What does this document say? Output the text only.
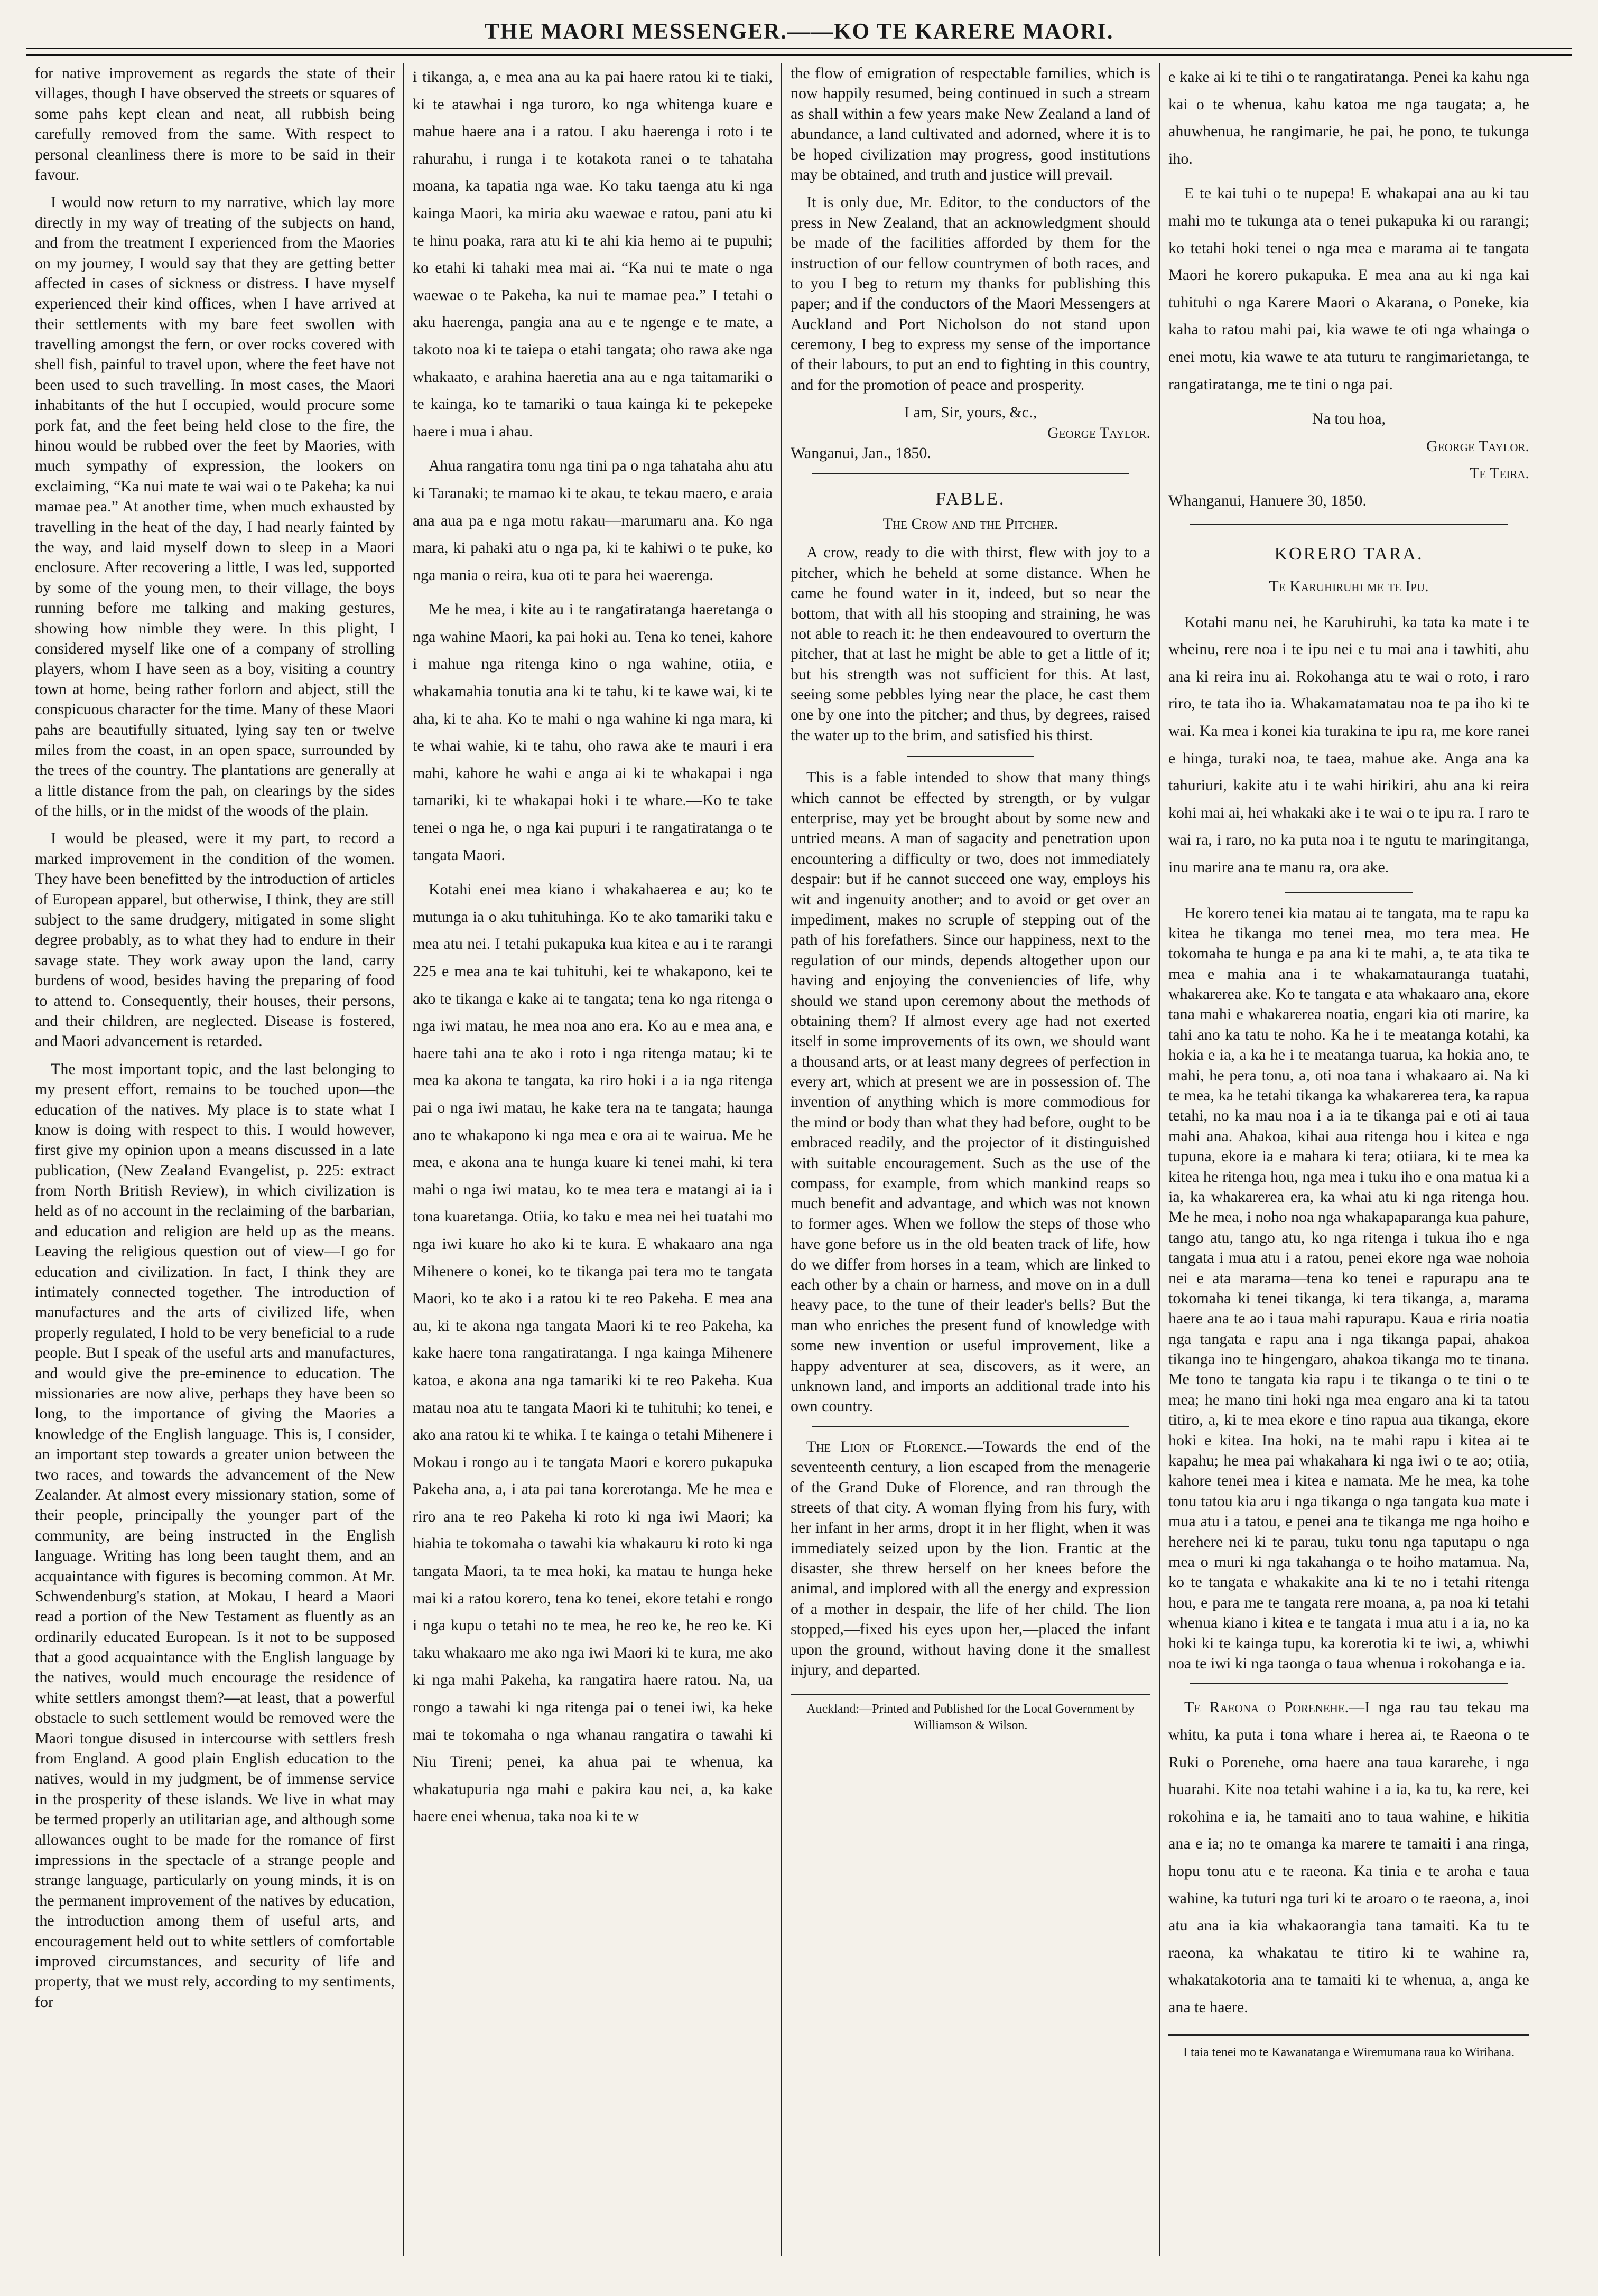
THE MAORI MESSENGER.——KO TE KARERE MAORI.

for native improvement as regards the state of their villages, though I have observed the streets or squares of some pahs kept clean and neat, all rubbish being carefully removed from the same. With respect to personal cleanliness there is more to be said in their favour.

I would now return to my narrative, which lay more directly in my way of treating of the subjects on hand, and from the treatment I experienced from the Maories on my journey, I would say that they are getting better affected in cases of sickness or distress. I have myself experienced their kind offices, when I have arrived at their settlements with my bare feet swollen with travelling amongst the fern, or over rocks covered with shell fish, painful to travel upon, where the feet have not been used to such travelling. In most cases, the Maori inhabitants of the hut I occupied, would procure some pork fat, and the feet being held close to the fire, the hinou would be rubbed over the feet by Maories, with much sympathy of expression, the lookers on exclaiming, “Ka nui mate te wai wai o te Pakeha; ka nui mamae pea.” At another time, when much exhausted by travelling in the heat of the day, I had nearly fainted by the way, and laid myself down to sleep in a Maori enclosure. After recovering a little, I was led, supported by some of the young men, to their village, the boys running before me talking and making gestures, showing how nimble they were. In this plight, I considered myself like one of a company of strolling players, whom I have seen as a boy, visiting a country town at home, being rather forlorn and abject, still the conspicuous character for the time. Many of these Maori pahs are beautifully situated, lying say ten or twelve miles from the coast, in an open space, surrounded by the trees of the country. The plantations are generally at a little distance from the pah, on clearings by the sides of the hills, or in the midst of the woods of the plain.

I would be pleased, were it my part, to record a marked improvement in the condition of the women. They have been benefitted by the introduction of articles of European apparel, but otherwise, I think, they are still subject to the same drudgery, mitigated in some slight degree probably, as to what they had to endure in their savage state. They work away upon the land, carry burdens of wood, besides having the preparing of food to attend to. Consequently, their houses, their persons, and their children, are neglected. Disease is fostered, and Maori advancement is retarded.

The most important topic, and the last belonging to my present effort, remains to be touched upon—the education of the natives. My place is to state what I know is doing with respect to this. I would however, first give my opinion upon a means discussed in a late publication, (New Zealand Evangelist, p. 225: extract from North British Review), in which civilization is held as of no account in the reclaiming of the barbarian, and education and religion are held up as the means. Leaving the religious question out of view—I go for education and civilization. In fact, I think they are intimately connected together. The introduction of manufactures and the arts of civilized life, when properly regulated, I hold to be very beneficial to a rude people. But I speak of the useful arts and manufactures, and would give the pre-eminence to education. The missionaries are now alive, perhaps they have been so long, to the importance of giving the Maories a knowledge of the English language. This is, I consider, an important step towards a greater union between the two races, and towards the advancement of the New Zealander. At almost every missionary station, some of their people, principally the younger part of the community, are being instructed in the English language. Writing has long been taught them, and an acquaintance with figures is becoming common. At Mr. Schwendenburg's station, at Mokau, I heard a Maori read a portion of the New Testament as fluently as an ordinarily educated European. Is it not to be supposed that a good acquaintance with the English language by the natives, would much encourage the residence of white settlers amongst them?—at least, that a powerful obstacle to such settlement would be removed were the Maori tongue disused in intercourse with settlers fresh from England. A good plain English education to the natives, would in my judgment, be of immense service in the prosperity of these islands. We live in what may be termed properly an utilitarian age, and although some allowances ought to be made for the romance of first impressions in the spectacle of a strange people and strange language, particularly on young minds, it is on the permanent improvement of the natives by education, the introduction among them of useful arts, and encouragement held out to white settlers of comfortable improved circumstances, and security of life and property, that we must rely, according to my sentiments, for

i tikanga, a, e mea ana au ka pai haere ratou ki te tiaki, ki te atawhai i nga turoro, ko nga whitenga kuare e mahue haere ana i a ratou. I aku haerenga i roto i te rahurahu, i runga i te kotakota ranei o te tahataha moana, ka tapatia nga wae. Ko taku taenga atu ki nga kainga Maori, ka miria aku waewae e ratou, pani atu ki te hinu poaka, rara atu ki te ahi kia hemo ai te pupuhi; ko etahi ki tahaki mea mai ai. “Ka nui te mate o nga waewae o te Pakeha, ka nui te mamae pea.” I tetahi o aku haerenga, pangia ana au e te ngenge e te mate, a takoto noa ki te taiepa o etahi tangata; oho rawa ake nga whakaato, e arahina haeretia ana au e nga taitamariki o te kainga, ko te tamariki o taua kainga ki te pekepeke haere i mua i ahau.

Ahua rangatira tonu nga tini pa o nga tahataha ahu atu ki Taranaki; te mamao ki te akau, te tekau maero, e araia ana aua pa e nga motu rakau—marumaru ana. Ko nga mara, ki pahaki atu o nga pa, ki te kahiwi o te puke, ko nga mania o reira, kua oti te para hei waerenga.

Me he mea, i kite au i te rangatiratanga haeretanga o nga wahine Maori, ka pai hoki au. Tena ko tenei, kahore i mahue nga ritenga kino o nga wahine, otiia, e whakamahia tonutia ana ki te tahu, ki te kawe wai, ki te aha, ki te aha. Ko te mahi o nga wahine ki nga mara, ki te whai wahie, ki te tahu, oho rawa ake te mauri i era mahi, kahore he wahi e anga ai ki te whakapai i nga tamariki, ki te whakapai hoki i te whare.—Ko te take tenei o nga he, o nga kai pupuri i te rangatiratanga o te tangata Maori.

Kotahi enei mea kiano i whakahaerea e au; ko te mutunga ia o aku tuhituhinga. Ko te ako tamariki taku e mea atu nei. I tetahi pukapuka kua kitea e au i te rarangi 225 e mea ana te kai tuhituhi, kei te whakapono, kei te ako te tikanga e kake ai te tangata; tena ko nga ritenga o nga iwi matau, he mea noa ano era. Ko au e mea ana, e haere tahi ana te ako i roto i nga ritenga matau; ki te mea ka akona te tangata, ka riro hoki i a ia nga ritenga pai o nga iwi matau, he kake tera na te tangata; haunga ano te whakapono ki nga mea e ora ai te wairua. Me he mea, e akona ana te hunga kuare ki tenei mahi, ki tera mahi o nga iwi matau, ko te mea tera e matangi ai ia i tona kuaretanga. Otiia, ko taku e mea nei hei tuatahi mo nga iwi kuare ho ako ki te kura. E whakaaro ana nga Mihenere o konei, ko te tikanga pai tera mo te tangata Maori, ko te ako i a ratou ki te reo Pakeha. E mea ana au, ki te akona nga tangata Maori ki te reo Pakeha, ka kake haere tona rangatiratanga. I nga kainga Mihenere katoa, e akona ana nga tamariki ki te reo Pakeha. Kua matau noa atu te tangata Maori ki te tuhituhi; ko tenei, e ako ana ratou ki te whika. I te kainga o tetahi Mihenere i Mokau i rongo au i te tangata Maori e korero pukapuka Pakeha ana, a, i ata pai tana korerotanga. Me he mea e riro ana te reo Pakeha ki roto ki nga iwi Maori; ka hiahia te tokomaha o tawahi kia whakauru ki roto ki nga tangata Maori, ta te mea hoki, ka matau te hunga heke mai ki a ratou korero, tena ko tenei, ekore tetahi e rongo i nga kupu o tetahi no te mea, he reo ke, he reo ke. Ki taku whakaaro me ako nga iwi Maori ki te kura, me ako ki nga mahi Pakeha, ka rangatira haere ratou. Na, ua rongo a tawahi ki nga ritenga pai o tenei iwi, ka heke mai te tokomaha o nga whanau rangatira o tawahi ki Niu Tireni; penei, ka ahua pai te whenua, ka whakatupuria nga mahi e pakira kau nei, a, ka kake haere enei whenua, taka noa ki te w

the flow of emigration of respectable families, which is now happily resumed, being continued in such a stream as shall within a few years make New Zealand a land of abundance, a land cultivated and adorned, where it is to be hoped civilization may progress, good institutions may be obtained, and truth and justice will prevail.

It is only due, Mr. Editor, to the conductors of the press in New Zealand, that an acknowledgment should be made of the facilities afforded by them for the instruction of our fellow countrymen of both races, and to you I beg to return my thanks for publishing this paper; and if the conductors of the Maori Messengers at Auckland and Port Nicholson do not stand upon ceremony, I beg to express my sense of the importance of their labours, to put an end to fighting in this country, and for the promotion of peace and prosperity.

I am, Sir, yours, &c.,
George Taylor.
Wanganui, Jan., 1850.
FABLE.
The Crow and the Pitcher.

A crow, ready to die with thirst, flew with joy to a pitcher, which he beheld at some distance. When he came he found water in it, indeed, but so near the bottom, that with all his stooping and straining, he was not able to reach it: he then endeavoured to overturn the pitcher, that at last he might be able to get a little of it; but his strength was not sufficient for this. At last, seeing some pebbles lying near the place, he cast them one by one into the pitcher; and thus, by degrees, raised the water up to the brim, and satisfied his thirst.

This is a fable intended to show that many things which cannot be effected by strength, or by vulgar enterprise, may yet be brought about by some new and untried means. A man of sagacity and penetration upon encountering a difficulty or two, does not immediately despair: but if he cannot succeed one way, employs his wit and ingenuity another; and to avoid or get over an impediment, makes no scruple of stepping out of the path of his forefathers. Since our happiness, next to the regulation of our minds, depends altogether upon our having and enjoying the conveniencies of life, why should we stand upon ceremony about the methods of obtaining them? If almost every age had not exerted itself in some improvements of its own, we should want a thousand arts, or at least many degrees of perfection in every art, which at present we are in possession of. The invention of anything which is more commodious for the mind or body than what they had before, ought to be embraced readily, and the projector of it distinguished with suitable encouragement. Such as the use of the compass, for example, from which mankind reaps so much benefit and advantage, and which was not known to former ages. When we follow the steps of those who have gone before us in the old beaten track of life, how do we differ from horses in a team, which are linked to each other by a chain or harness, and move on in a dull heavy pace, to the tune of their leader's bells? But the man who enriches the present fund of knowledge with some new invention or useful improvement, like a happy adventurer at sea, discovers, as it were, an unknown land, and imports an additional trade into his own country.

The Lion of Florence.—Towards the end of the seventeenth century, a lion escaped from the menagerie of the Grand Duke of Florence, and ran through the streets of that city. A woman flying from his fury, with her infant in her arms, dropt it in her flight, when it was immediately seized upon by the lion. Frantic at the disaster, she threw herself on her knees before the animal, and implored with all the energy and expression of a mother in despair, the life of her child. The lion stopped,—fixed his eyes upon her,—placed the infant upon the ground, without having done it the smallest injury, and departed.

Auckland:—Printed and Published for the Local Government by Williamson & Wilson.

e kake ai ki te tihi o te rangatiratanga. Penei ka kahu nga kai o te whenua, kahu katoa me nga taugata; a, he ahuwhenua, he rangimarie, he pai, he pono, te tukunga iho.

E te kai tuhi o te nupepa! E whakapai ana au ki tau mahi mo te tukunga ata o tenei pukapuka ki ou rarangi; ko tetahi hoki tenei o nga mea e marama ai te tangata Maori he korero pukapuka. E mea ana au ki nga kai tuhituhi o nga Karere Maori o Akarana, o Poneke, kia kaha to ratou mahi pai, kia wawe te oti nga whainga o enei motu, kia wawe te ata tuturu te rangimarietanga, te rangatiratanga, me te tini o nga pai.

Na tou hoa,
George Taylor.
Te Teira.
Whanganui, Hanuere 30, 1850.
KORERO TARA.
Te Karuhiruhi me te Ipu.

Kotahi manu nei, he Karuhiruhi, ka tata ka mate i te wheinu, rere noa i te ipu nei e tu mai ana i tawhiti, ahu ana ki reira inu ai. Rokohanga atu te wai o roto, i raro riro, te tata iho ia. Whakamatamatau noa te pa iho ki te wai. Ka mea i konei kia turakina te ipu ra, me kore ranei e hinga, turaki noa, te taea, mahue ake. Anga ana ka tahuriuri, kakite atu i te wahi hirikiri, ahu ana ki reira kohi mai ai, hei whakaki ake i te wai o te ipu ra. I raro te wai ra, i raro, no ka puta noa i te ngutu te maringitanga, inu marire ana te manu ra, ora ake.

He korero tenei kia matau ai te tangata, ma te rapu ka kitea he tikanga mo tenei mea, mo tera mea. He tokomaha te hunga e pa ana ki te mahi, a, te ata tika te mea e mahia ana i te whakamatauranga tuatahi, whakarerea ake. Ko te tangata e ata whakaaro ana, ekore tana mahi e whakarerea noatia, engari kia oti marire, ka tahi ano ka tatu te noho. Ka he i te meatanga kotahi, ka hokia e ia, a ka he i te meatanga tuarua, ka hokia ano, te mahi, he pera tonu, a, oti noa tana i whakaaro ai. Na ki te mea, ka he tetahi tikanga ka whakarerea tera, ka rapua tetahi, no ka mau noa i a ia te tikanga pai e oti ai taua mahi ana. Ahakoa, kihai aua ritenga hou i kitea e nga tupuna, ekore ia e mahara ki tera; otiiara, ki te mea ka kitea he ritenga hou, nga mea i tuku iho e ona matua ki a ia, ka whakarerea era, ka whai atu ki nga ritenga hou. Me he mea, i noho noa nga whakapaparanga kua pahure, tango atu, tango atu, ko nga ritenga i tukua iho e nga tangata i mua atu i a ratou, penei ekore nga wae nohoia nei e ata marama—tena ko tenei e rapurapu ana te tokomaha ki tenei tikanga, ki tera tikanga, a, marama haere ana te ao i taua mahi rapurapu. Kaua e riria noatia nga tangata e rapu ana i nga tikanga papai, ahakoa tikanga ino te hingengaro, ahakoa tikanga mo te tinana. Me tono te tangata kia rapu i te tikanga o te tini o te mea; he mano tini hoki nga mea engaro ana ki ta tatou titiro, a, ki te mea ekore e tino rapua aua tikanga, ekore hoki e kitea. Ina hoki, na te mahi rapu i kitea ai te kapahu; he mea pai whakahara ki nga iwi o te ao; otiia, kahore tenei mea i kitea e namata. Me he mea, ka tohe tonu tatou kia aru i nga tikanga o nga tangata kua mate i mua atu i a tatou, e penei ana te tikanga me nga hoiho e herehere nei ki te parau, tuku tonu nga taputapu o nga mea o muri ki nga takahanga o te hoiho matamua. Na, ko te tangata e whakakite ana ki te no i tetahi ritenga hou, e para me te tangata rere moana, a, pa noa ki tetahi whenua kiano i kitea e te tangata i mua atu i a ia, no ka hoki ki te kainga tupu, ka korerotia ki te iwi, a, whiwhi noa te iwi ki nga taonga o taua whenua i rokohanga e ia.

Te Raeona o Porenehe.—I nga rau tau tekau ma whitu, ka puta i tona whare i herea ai, te Raeona o te Ruki o Porenehe, oma haere ana taua kararehe, i nga huarahi. Kite noa tetahi wahine i a ia, ka tu, ka rere, kei rokohina e ia, he tamaiti ano to taua wahine, e hikitia ana e ia; no te omanga ka marere te tamaiti i ana ringa, hopu tonu atu e te raeona. Ka tinia e te aroha e taua wahine, ka tuturi nga turi ki te aroaro o te raeona, a, inoi atu ana ia kia whakaorangia tana tamaiti. Ka tu te raeona, ka whakatau te titiro ki te wahine ra, whakatakotoria ana te tamaiti ki te whenua, a, anga ke ana te haere.

I taia tenei mo te Kawanatanga e Wiremumana raua ko Wirihana.
